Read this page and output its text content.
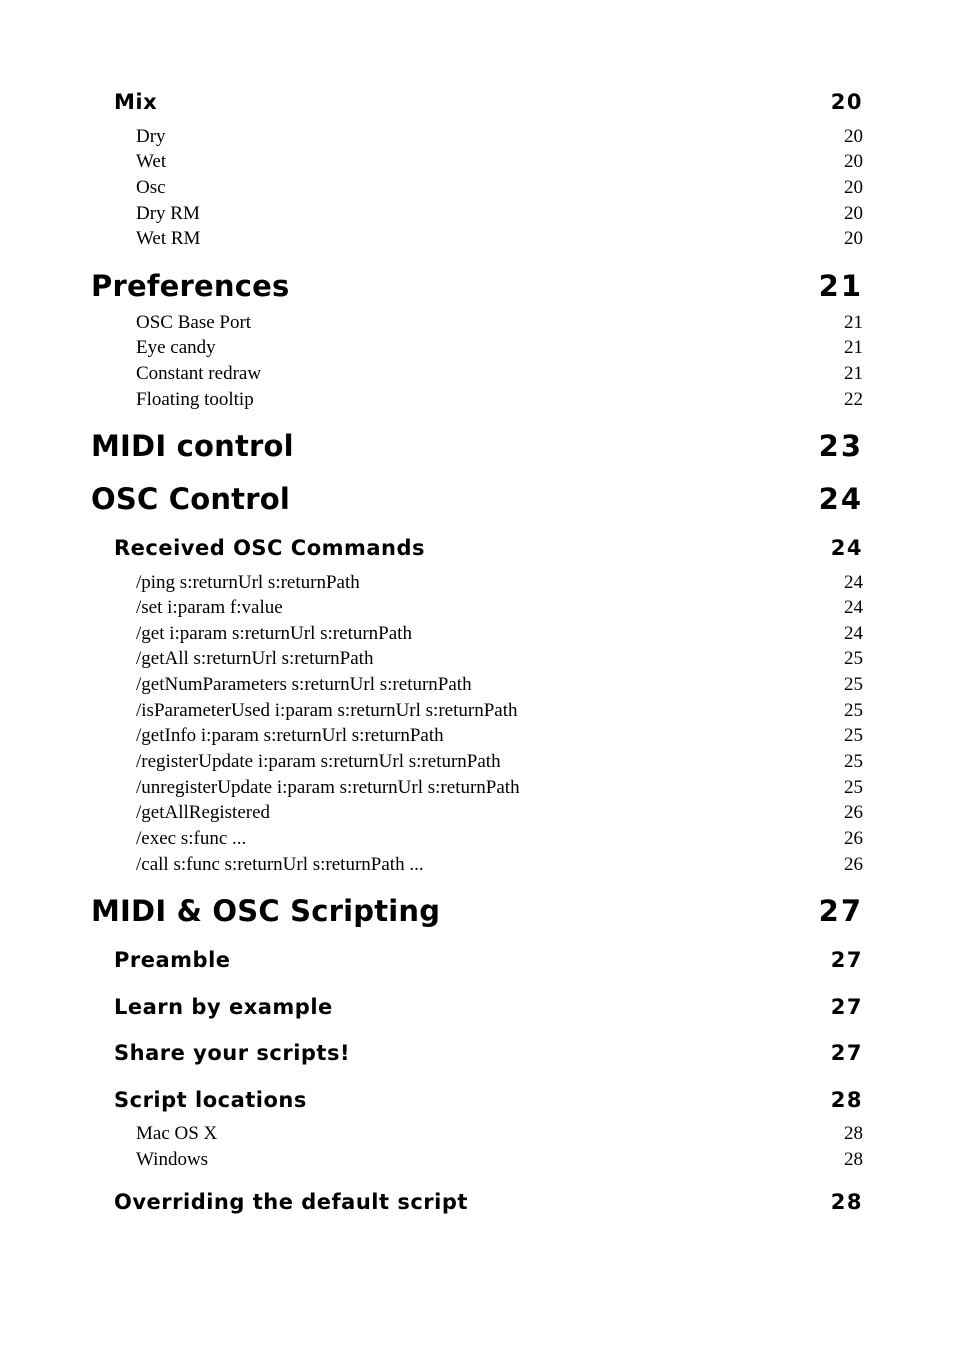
Mix	20
Dry	20
Wet	20
Osc	20
Dry RM	20
Wet RM	20
Preferences	21
OSC Base Port	21
Eye candy	21
Constant redraw	21
Floating tooltip	22
MIDI control	23
OSC Control	24
Received OSC Commands	24
/ping s:returnUrl s:returnPath	24
/set i:param f:value	24
/get i:param s:returnUrl s:returnPath	24
/getAll s:returnUrl s:returnPath	25
/getNumParameters s:returnUrl s:returnPath	25
/isParameterUsed i:param s:returnUrl s:returnPath	25
/getInfo i:param s:returnUrl s:returnPath	25
/registerUpdate i:param s:returnUrl s:returnPath	25
/unregisterUpdate i:param s:returnUrl s:returnPath	25
/getAllRegistered	26
/exec s:func ...	26
/call s:func s:returnUrl s:returnPath ...	26
MIDI & OSC Scripting	27
Preamble	27
Learn by example	27
Share your scripts!	27
Script locations	28
Mac OS X	28
Windows	28
Overriding the default script	28
